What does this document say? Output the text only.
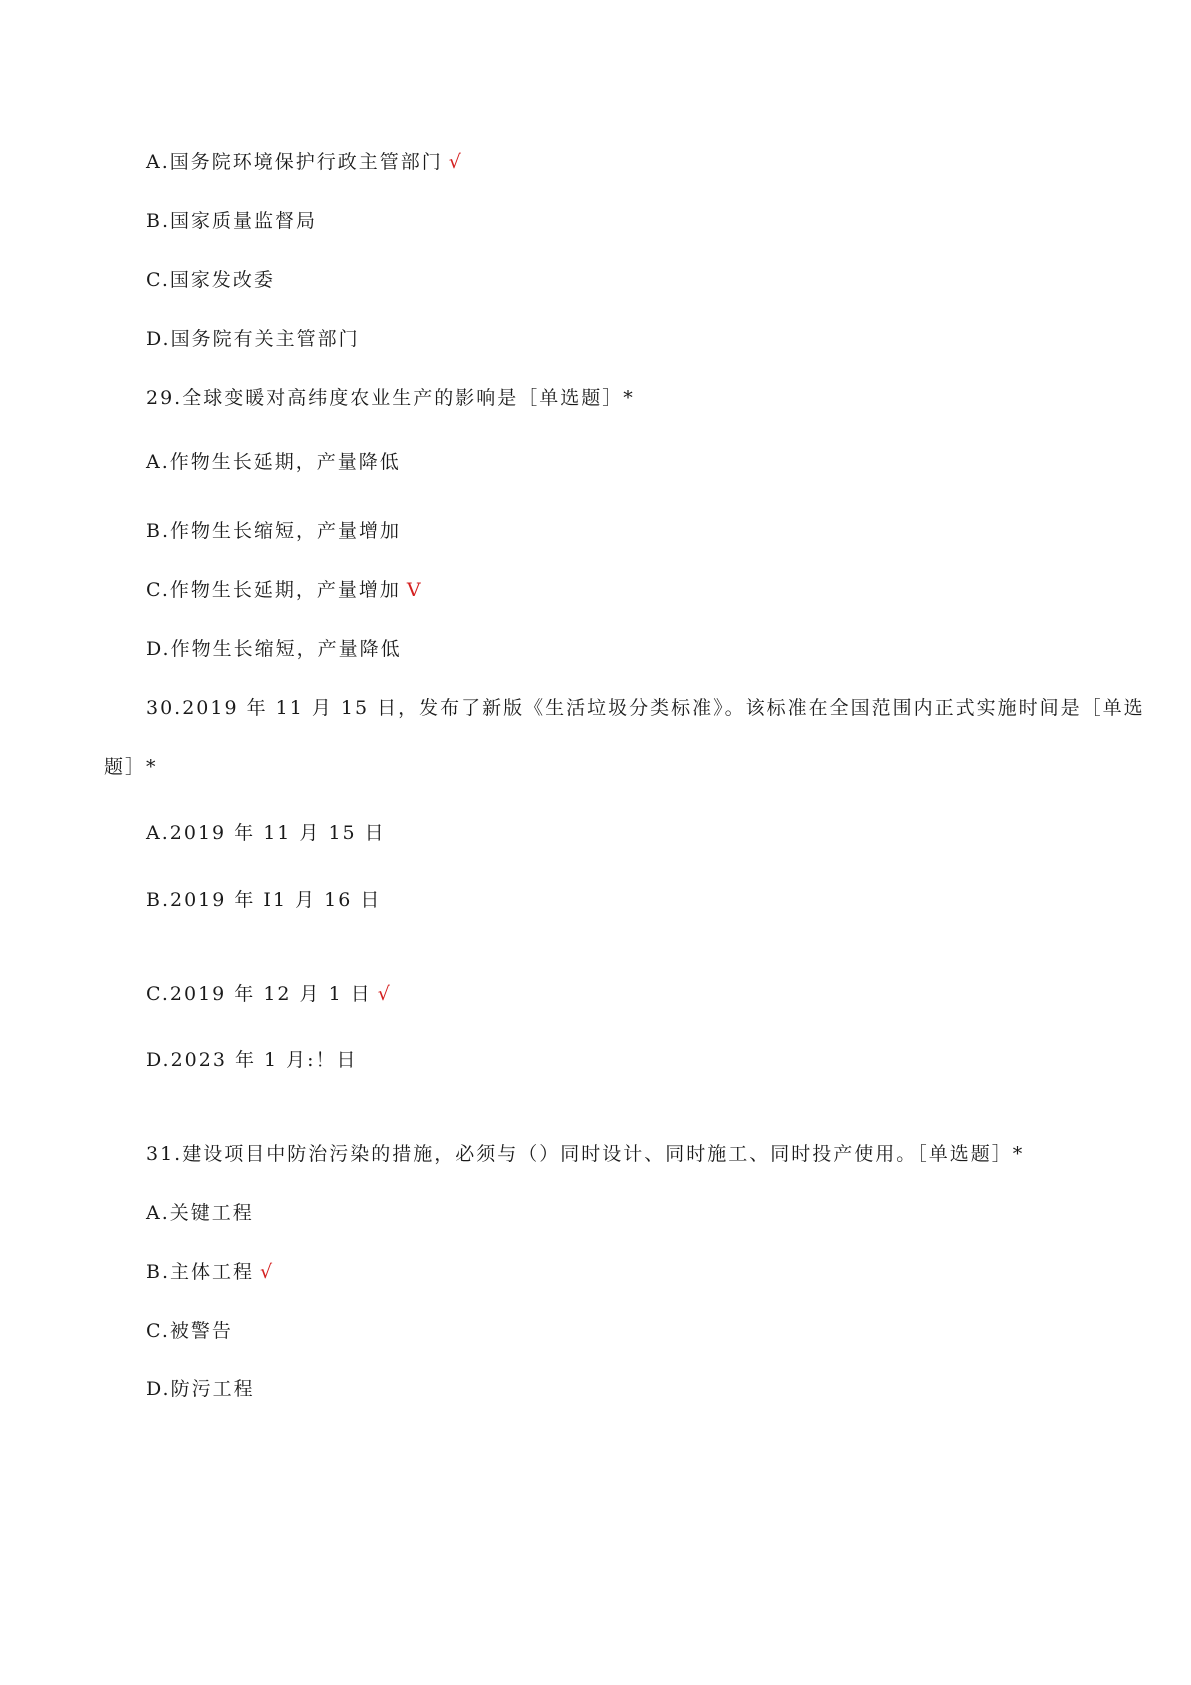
A.国务院环境保护行政主管部门 √
B.国家质量监督局
C.国家发改委
D.国务院有关主管部门
29.全球变暖对高纬度农业生产的影响是［单选题］*
A.作物生长延期，产量降低
B.作物生长缩短，产量增加
C.作物生长延期，产量增加 V
D.作物生长缩短，产量降低
30.2019 年 11 月 15 日，发布了新版《生活垃圾分类标准》。该标准在全国范围内正式实施时间是［单选
题］*
A.2019 年 11 月 15 日
B.2019 年 I1 月 16 日
C.2019 年 12 月 1 日 √
D.2023 年 1 月:！日
31.建设项目中防治污染的措施，必须与（）同时设计、同时施工、同时投产使用。［单选题］*
A.关键工程
B.主体工程 √
C.被警告
D.防污工程
